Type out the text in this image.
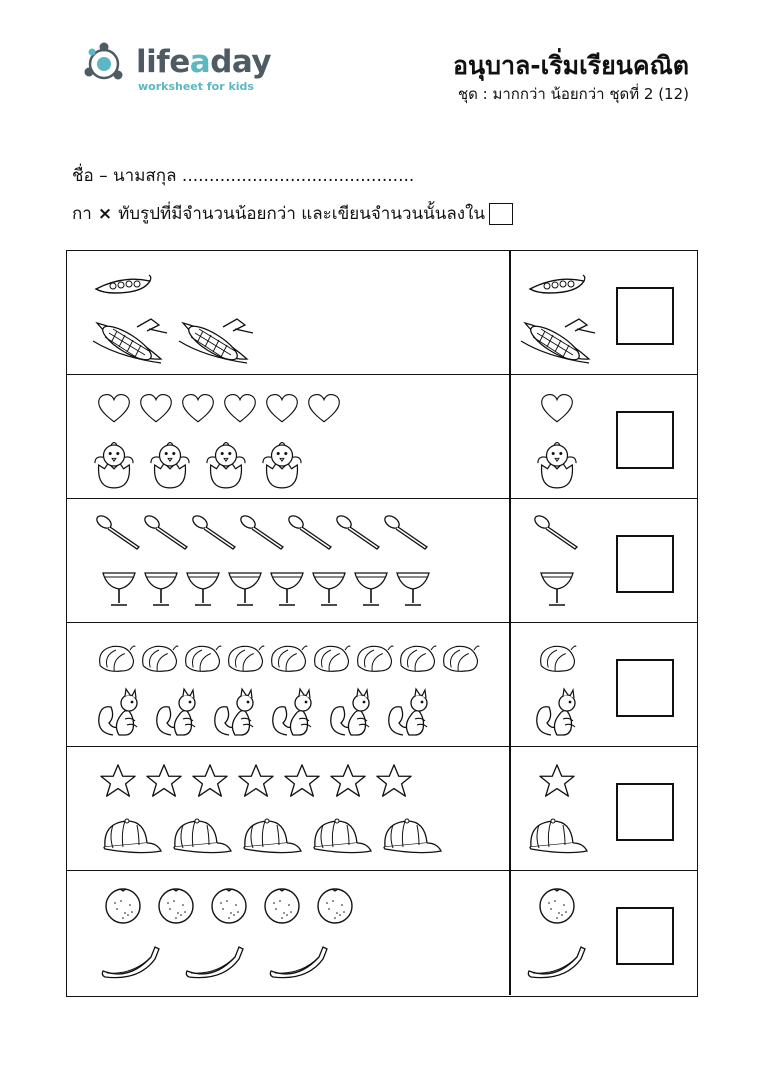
lifeaday
worksheet for kids
อนุบาล-เริ่มเรียนคณิต
ชุด : มากกว่า น้อยกว่า ชุดที่ 2 (12)
ชื่อ – นามสกุล ...........................................
กา × ทับรูปที่มีจำนวนน้อยกว่า และเขียนจำนวนนั้นลงใน
